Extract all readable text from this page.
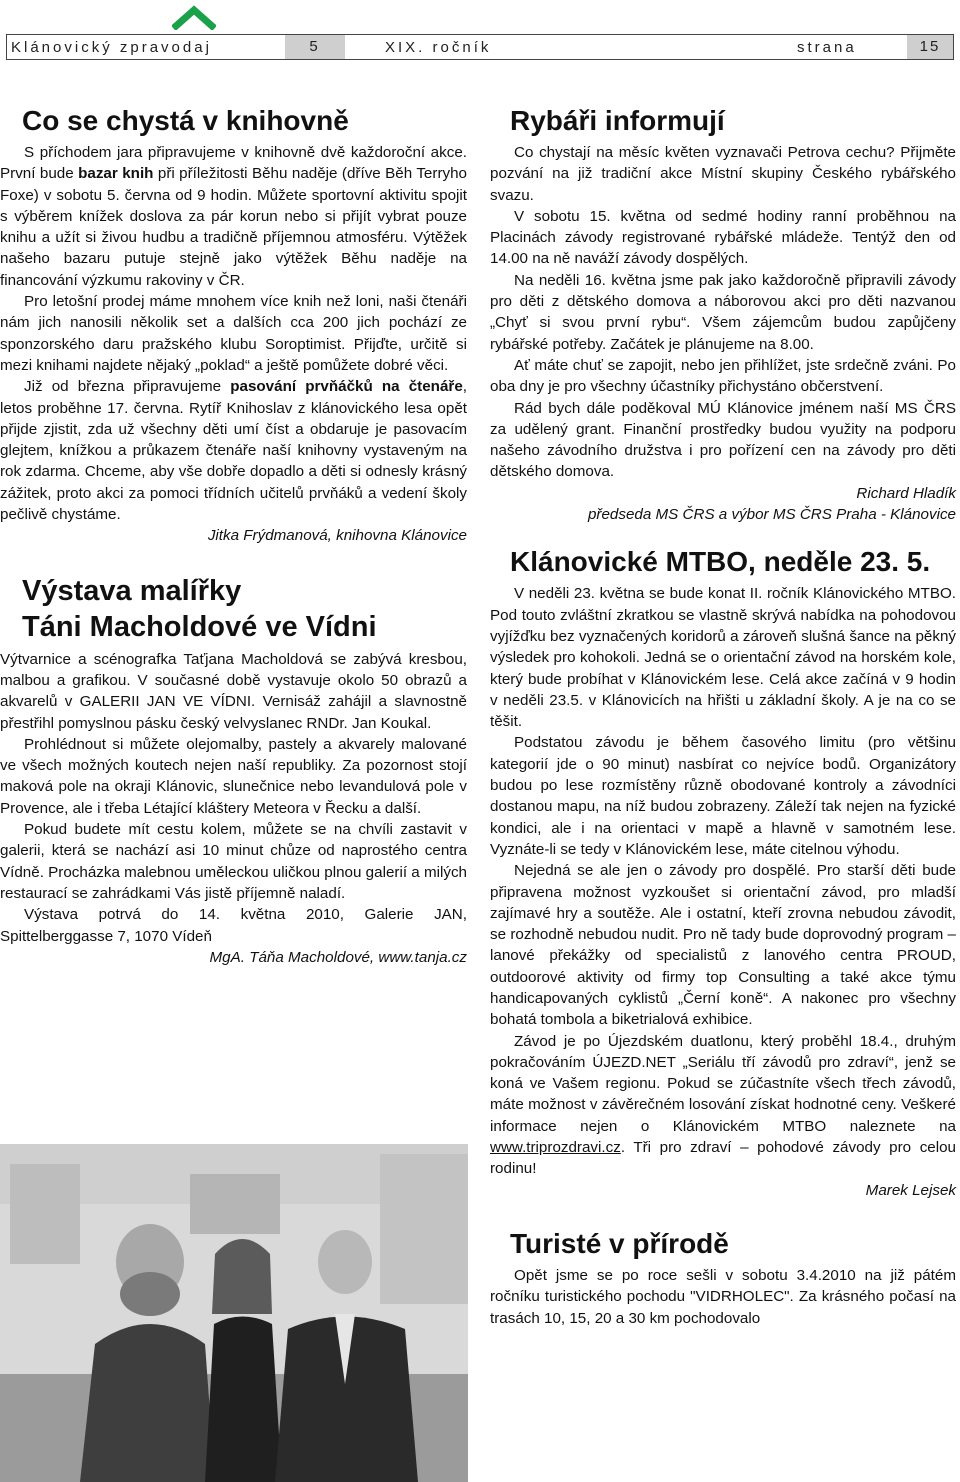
Klánovický zpravodaj	5	XIX. ročník	strana	15
Co se chystá v knihovně

S příchodem jara připravujeme v knihovně dvě každoroční akce. První bude bazar knih při příležitosti Běhu naděje (dříve Běh Terryho Foxe) v sobotu 5. června od 9 hodin. Můžete sportovní aktivitu spojit s výběrem knížek doslova za pár korun nebo si přijít vybrat pouze knihu a užít si živou hudbu a tradičně příjemnou atmosféru. Výtěžek našeho bazaru putuje stejně jako výtěžek Běhu naděje na financování výzkumu rakoviny v ČR.

Pro letošní prodej máme mnohem více knih než loni, naši čtenáři nám jich nanosili několik set a dalších cca 200 jich pochází ze sponzorského daru pražského klubu Soroptimist. Přijďte, určitě si mezi knihami najdete nějaký „poklad“ a ještě pomůžete dobré věci.

Již od března připravujeme pasování prvňáčků na čtenáře, letos proběhne 17. června. Rytíř Knihoslav z klánovického lesa opět přijde zjistit, zda už všechny děti umí číst a obdaruje je pasovacím glejtem, knížkou a průkazem čtenáře naší knihovny vystaveným na rok zdarma. Chceme, aby vše dobře dopadlo a děti si odnesly krásný zážitek, proto akci za pomoci třídních učitelů prvňáků a vedení školy pečlivě chystáme.

Jitka Frýdmanová, knihovna Klánovice

Výstava malířky
Táni Macholdové ve Vídni

Výtvarnice a scénografka Taťjana Macholdová se zabývá kresbou, malbou a grafikou. V současné době vystavuje okolo 50 obrazů a akvarelů v GALERII JAN VE VÍDNI. Vernisáž zahájil a slavnostně přestřihl pomyslnou pásku český velvyslanec RNDr. Jan Koukal.

Prohlédnout si můžete olejomalby, pastely a akvarely malované ve všech možných koutech nejen naší republiky. Za pozornost stojí maková pole na okraji Klánovic, slunečnice nebo levandulová pole v Provence, ale i třeba Létající kláštery Meteora v Řecku a další.

Pokud budete mít cestu kolem, můžete se na chvíli zastavit v galerii, která se nachází asi 10 minut chůze od naprostého centra Vídně. Procházka malebnou uměleckou uličkou plnou galerií a milých restaurací se zahrádkami Vás jistě příjemně naladí.

Výstava potrvá do 14. května 2010, Galerie JAN, Spittelberggasse 7, 1070 Vídeň

MgA. Táňa Macholdové, www.tanja.cz

Rybáři informují

Co chystají na měsíc květen vyznavači Petrova cechu? Přijměte pozvání na již tradiční akce Místní skupiny Českého rybářského svazu.

V sobotu 15. května od sedmé hodiny ranní proběhnou na Placinách závody registrované rybářské mládeže. Tentýž den od 14.00 na ně naváží závody dospělých.

Na neděli 16. května jsme pak jako každoročně připravili závody pro děti z dětského domova a náborovou akci pro děti nazvanou „Chyť si svou první rybu“. Všem zájemcům budou zapůjčeny rybářské potřeby. Začátek je plánujeme na 8.00.

Ať máte chuť se zapojit, nebo jen přihlížet, jste srdečně zváni. Po oba dny je pro všechny účastníky přichystáno občerstvení.

Rád bych dále poděkoval MÚ Klánovice jménem naší MS ČRS za udělený grant. Finanční prostředky budou využity na podporu našeho závodního družstva i pro pořízení cen na závody pro děti dětského domova.

Richard Hladík

předseda MS ČRS a výbor MS ČRS Praha - Klánovice

Klánovické MTBO, neděle 23. 5.

V neděli 23. května se bude konat II. ročník Klánovického MTBO. Pod touto zvláštní zkratkou se vlastně skrývá nabídka na pohodovou vyjížďku bez vyznačených koridorů a zároveň slušná šance na pěkný výsledek pro kohokoli. Jedná se o orientační závod na horském kole, který bude probíhat v Klánovickém lese. Celá akce začíná v 9 hodin v neděli 23.5. v Klánovicích na hřišti u základní školy. A je na co se těšit.

Podstatou závodu je během časového limitu (pro většinu kategorií jde o 90 minut) nasbírat co nejvíce bodů. Organizátory budou po lese rozmístěny různě obodované kontroly a závodníci dostanou mapu, na níž budou zobrazeny. Záleží tak nejen na fyzické kondici, ale i na orientaci v mapě a hlavně v samotném lese. Vyznáte-li se tedy v Klánovickém lese, máte citelnou výhodu.

Nejedná se ale jen o závody pro dospělé. Pro starší děti bude připravena možnost vyzkoušet si orientační závod, pro mladší zajímavé hry a soutěže. Ale i ostatní, kteří zrovna nebudou závodit, se rozhodně nebudou nudit. Pro ně tady bude doprovodný program – lanové překážky od specialistů z lanového centra PROUD, outdoorové aktivity od firmy top Consulting a také akce týmu handicapovaných cyklistů „Černí koně“. A nakonec pro všechny bohatá tombola a biketrialová exhibice.

Závod je po Újezdském duatlonu, který proběhl 18.4., druhým pokračováním ÚJEZD.NET „Seriálu tří závodů pro zdraví“, jenž se koná ve Vašem regionu. Pokud se zúčastníte všech třech závodů, máte možnost v závěrečném losování získat hodnotné ceny. Veškeré informace nejen o Klánovickém MTBO naleznete na www.triprozdravi.cz. Tři pro zdraví – pohodové závody pro celou rodinu!

Marek Lejsek

Turisté v přírodě

Opět jsme se po roce sešli v sobotu 3.4.2010 na již pátém ročníku turistického pochodu "VIDRHOLEC". Za krásného počasí na trasách 10, 15, 20 a 30 km pochodovalo
